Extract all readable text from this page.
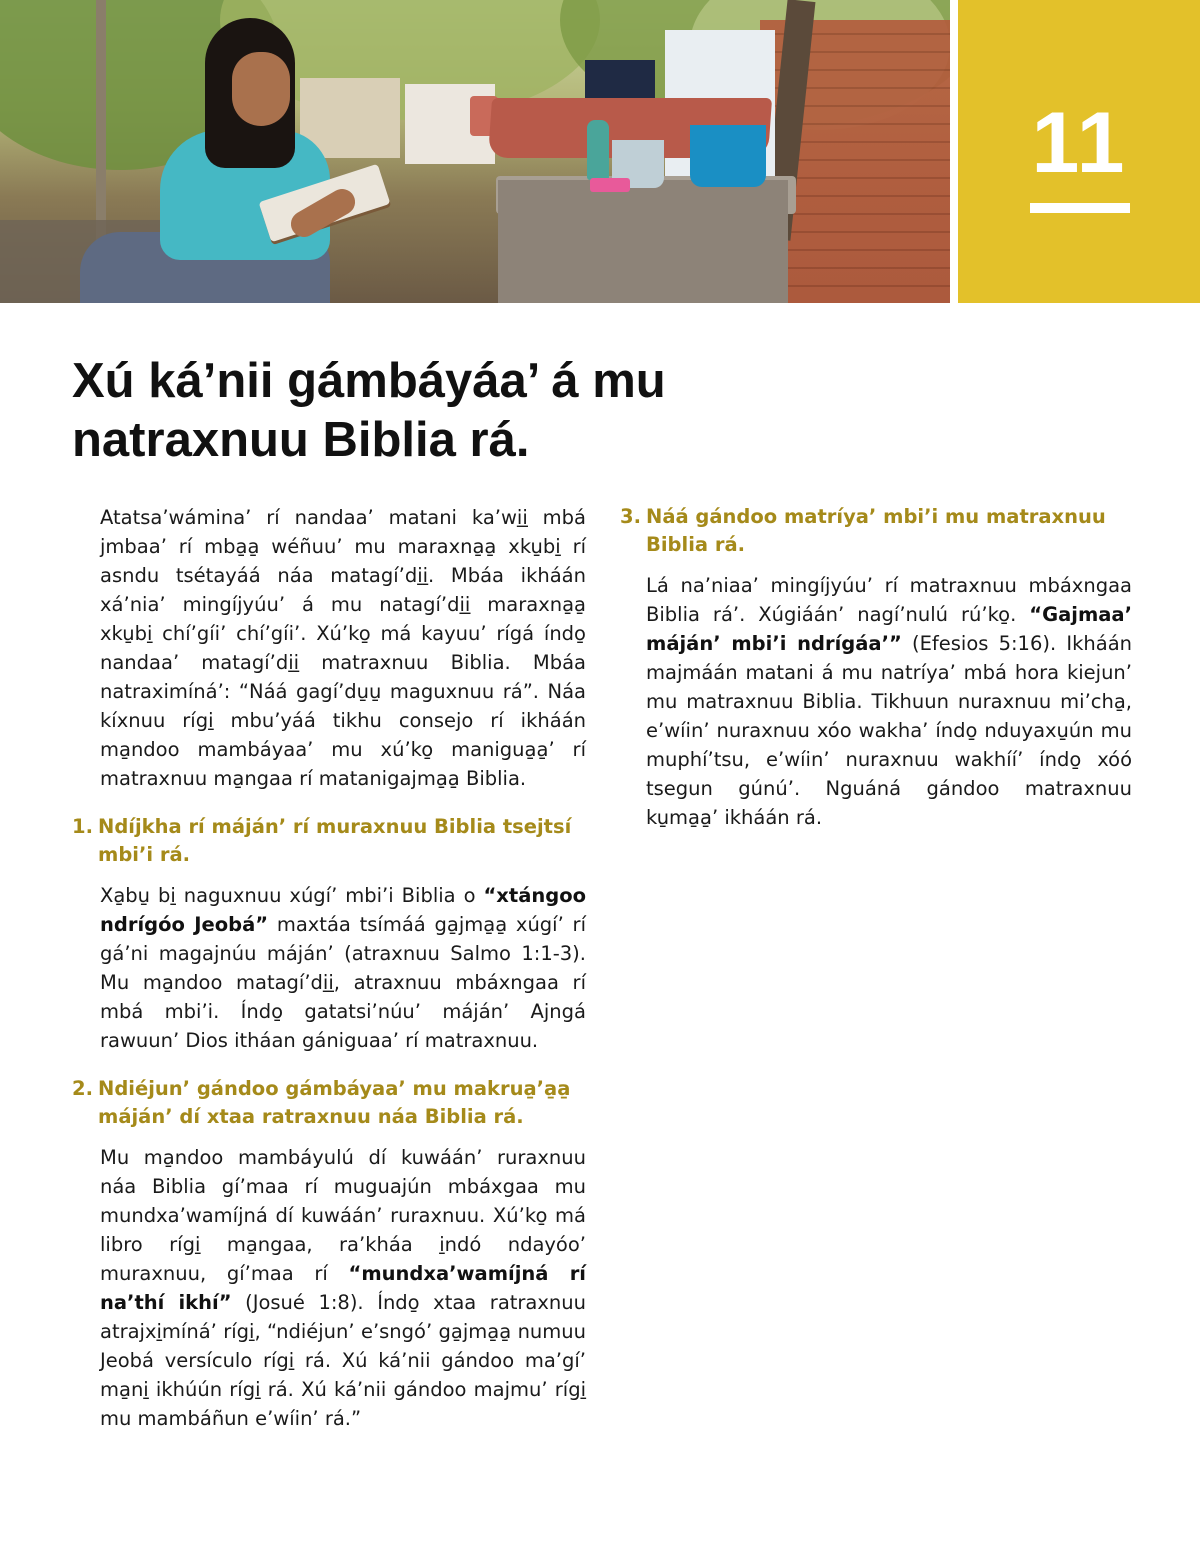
11
Xú ká’nii gámbáyáa’ á mu natraxnuu Biblia rá.

Atatsa’wámina’ rí nandaa’ matani ka’wi̱i̱ mbá jmbaa’ rí mba̱a̱ wéñuu’ mu maraxna̱a̱ xku̱bi̱ rí asndu tsétayáá náa matagí’di̱i̱. Mbáa ikháán xá’nia’ mingíjyúu’ á mu natagí’di̱i̱ maraxna̱a̱ xku̱bi̱ chí’gíi’ chí’gíi’. Xú’ko̱ má kayuu’ rígá índo̱ nandaa’ matagí’di̱i̱ matraxnuu Biblia. Mbáa natraximíná’: “Náá gagí’du̱u̱ maguxnuu rá”. Náa kíxnuu rígi̱ mbu’yáá tikhu consejo rí ikháán ma̱ndoo mambáyaa’ mu xú’ko̱ manigua̱a̱’ rí matraxnuu ma̱ngaa rí matanigajma̱a̱ Biblia.

1. Ndíjkha rí máján’ rí muraxnuu Biblia tsejtsí mbi’i rá.

Xa̱bu̱ bi̱ naguxnuu xúgí’ mbi’i Biblia o “xtángoo ndrígóo Jeobá” maxtáa tsímáá ga̱jma̱a̱ xúgí’ rí gá’ni magajnúu máján’ (atraxnuu Salmo 1:1-3). Mu ma̱ndoo matagí’di̱i̱, atraxnuu mbáxngaa rí mbá mbi’i. Índo̱ gatatsi’núu’ máján’ Ajngá rawuun’ Dios itháan gániguaa’ rí matraxnuu.

2. Ndiéjun’ gándoo gámbáyaa’ mu makrua̱’a̱a̱ máján’ dí xtaa ratraxnuu náa Biblia rá.

Mu ma̱ndoo mambáyulú dí kuwáán’ ruraxnuu náa Biblia gí’maa rí muguajún mbáxgaa mu mundxa’wamíjná dí kuwáán’ ruraxnuu. Xú’ko̱ má libro rígi̱ ma̱ngaa, ra’kháa i̱ndó ndayóo’ muraxnuu, gí’maa rí “mundxa’wamíjná rí na’thí ikhí” (Josué 1:8). Índo̱ xtaa ratraxnuu atrajxi̱míná’ rígi̱, “ndiéjun’ e’sngó’ ga̱jma̱a̱ numuu Jeobá versículo rígi̱ rá. Xú ká’nii gándoo ma’gí’ ma̱ni̱ ikhúún rígi̱ rá. Xú ká’nii gándoo majmu’ rígi̱ mu mambáñun e’wíin’ rá.”

3. Náá gándoo matríya’ mbi’i mu matraxnuu Biblia rá.

Lá na’niaa’ mingíjyúu’ rí matraxnuu mbáxngaa Biblia rá’. Xúgiáán’ nagí’nulú rú’ko̱. “Gajmaa’ máján’ mbi’i ndrígáa’” (Efesios 5:16). Ikháán majmáán matani á mu natríya’ mbá hora kiejun’ mu matraxnuu Biblia. Tikhuun nuraxnuu mi’cha̱, e’wíin’ nuraxnuu xóo wakha’ índo̱ nduyaxu̱ún mu muphí’tsu, e’wíin’ nuraxnuu wakhíí’ índo̱ xóó tsegun gúnú’. Nguáná gándoo matraxnuu ku̱ma̱a̱’ ikháán rá.
